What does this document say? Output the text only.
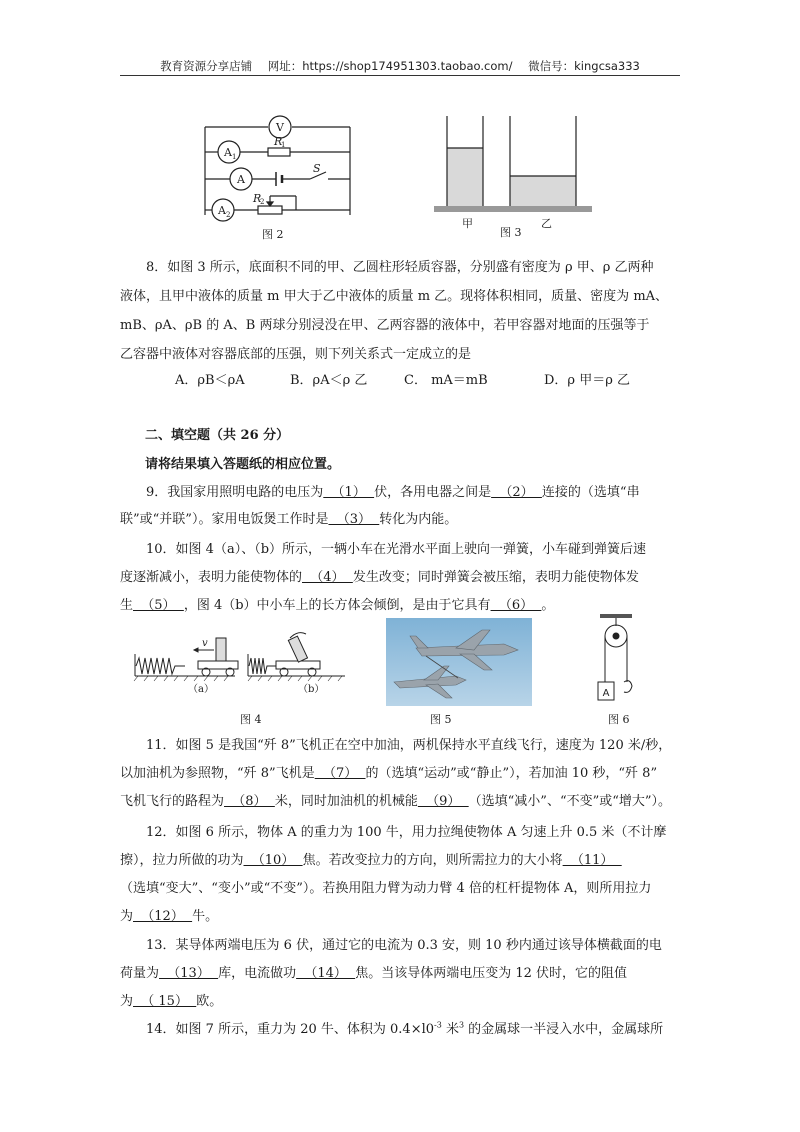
教育资源分享店铺 网址：https://shop174951303.taobao.com/ 微信号：kingcsa333
V
A 1
A
A 2
R
1
R
2
S
图 2
甲
图 3
乙
8．如图 3 所示，底面积不同的甲、乙圆柱形轻质容器，分别盛有密度为 ρ 甲、ρ 乙两种
液体，且甲中液体的质量 m 甲大于乙中液体的质量 m 乙。现将体积相同，质量、密度为 mA、
mB、ρA、ρB 的 A、B 两球分别浸没在甲、乙两容器的液体中，若甲容器对地面的压强等于
乙容器中液体对容器底部的压强，则下列关系式一定成立的是
A．ρB＜ρA	B．ρA＜ρ 乙	C． mA＝mB	D．ρ 甲＝ρ 乙
二、填空题（共 26 分）
请将结果填入答题纸的相应位置。
9．我国家用照明电路的电压为  （1）  伏，各用电器之间是  （2）  连接的（选填“串
联”或“并联”）。家用电饭煲工作时是  （3）  转化为内能。
10．如图 4（a）、（b）所示，一辆小车在光滑水平面上驶向一弹簧，小车碰到弹簧后速
度逐渐减小，表明力能使物体的  （4）  发生改变；同时弹簧会被压缩，表明力能使物体发
生  （5）  ，图 4（b）中小车上的长方体会倾倒，是由于它具有  （6）  。
v
（a）	（b）
图 4	图 5
A
图 6
11．如图 5 是我国“歼 8”飞机正在空中加油，两机保持水平直线飞行，速度为 120 米/秒，
以加油机为参照物，“歼 8”飞机是  （7）  的（选填“运动”或“静止”），若加油 10 秒，“歼 8”
飞机飞行的路程为  （8）  米，同时加油机的机械能  （9）  （选填“减小”、“不变”或“增大”）。
12．如图 6 所示，物体 A 的重力为 100 牛，用力拉绳使物体 A 匀速上升 0.5 米（不计摩
擦），拉力所做的功为  （10）  焦。若改变拉力的方向，则所需拉力的大小将  （11）
（选填“变大”、“变小”或“不变”）。若换用阻力臂为动力臂 4 倍的杠杆提物体 A，则所用拉力
为  （12）  牛。
13．某导体两端电压为 6 伏，通过它的电流为 0.3 安，则 10 秒内通过该导体横截面的电
荷量为  （13）  库，电流做功  （14）  焦。当该导体两端电压变为 12 伏时，它的阻值
为  （ 15）  欧。
14．如图 7 所示，重力为 20 牛、体积为 $0.4\times l0^{-3}$ 米$^3$ 的金属球一半浸入水中，金属球所
